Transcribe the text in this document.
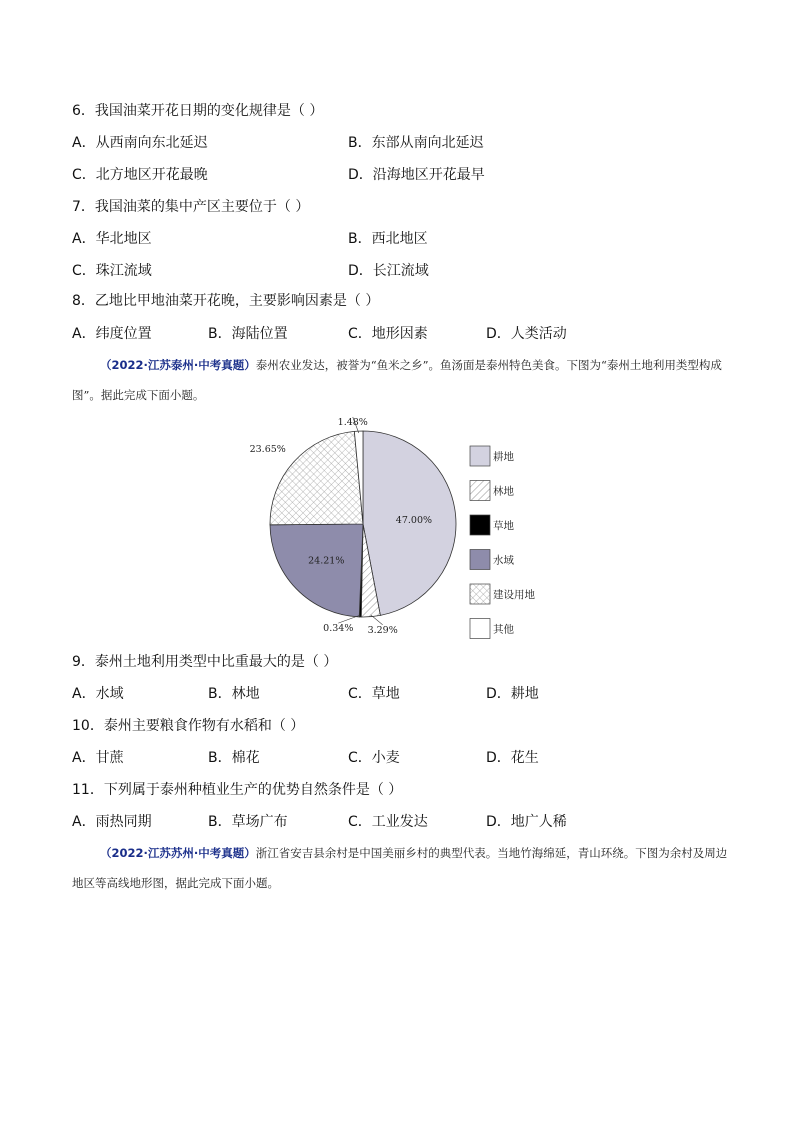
6．我国油菜开花日期的变化规律是（ ）
A．从西南向东北延迟	B．东部从南向北延迟
C．北方地区开花最晚	D．沿海地区开花最早
7．我国油菜的集中产区主要位于（ ）
A．华北地区	B．西北地区
C．珠江流域	D．长江流域
8．乙地比甲地油菜开花晚，主要影响因素是（ ）
A．纬度位置	B．海陆位置	C．地形因素	D．人类活动
（2022·江苏泰州·中考真题）泰州农业发达，被誉为“鱼米之乡”。鱼汤面是泰州特色美食。下图为“泰州土地利用类型构成图”。据此完成下面小题。
47.00%
3.29%
0.34%
24.21%
23.65%
1.48%
耕地
林地
草地
水域
建设用地
其他
9．泰州土地利用类型中比重最大的是（ ）
A．水域	B．林地	C．草地	D．耕地
10．泰州主要粮食作物有水稻和（ ）
A．甘蔗	B．棉花	C．小麦	D．花生
11．下列属于泰州种植业生产的优势自然条件是（ ）
A．雨热同期	B．草场广布	C．工业发达	D．地广人稀
（2022·江苏苏州·中考真题）浙江省安吉县余村是中国美丽乡村的典型代表。当地竹海绵延，青山环绕。下图为余村及周边地区等高线地形图，据此完成下面小题。
